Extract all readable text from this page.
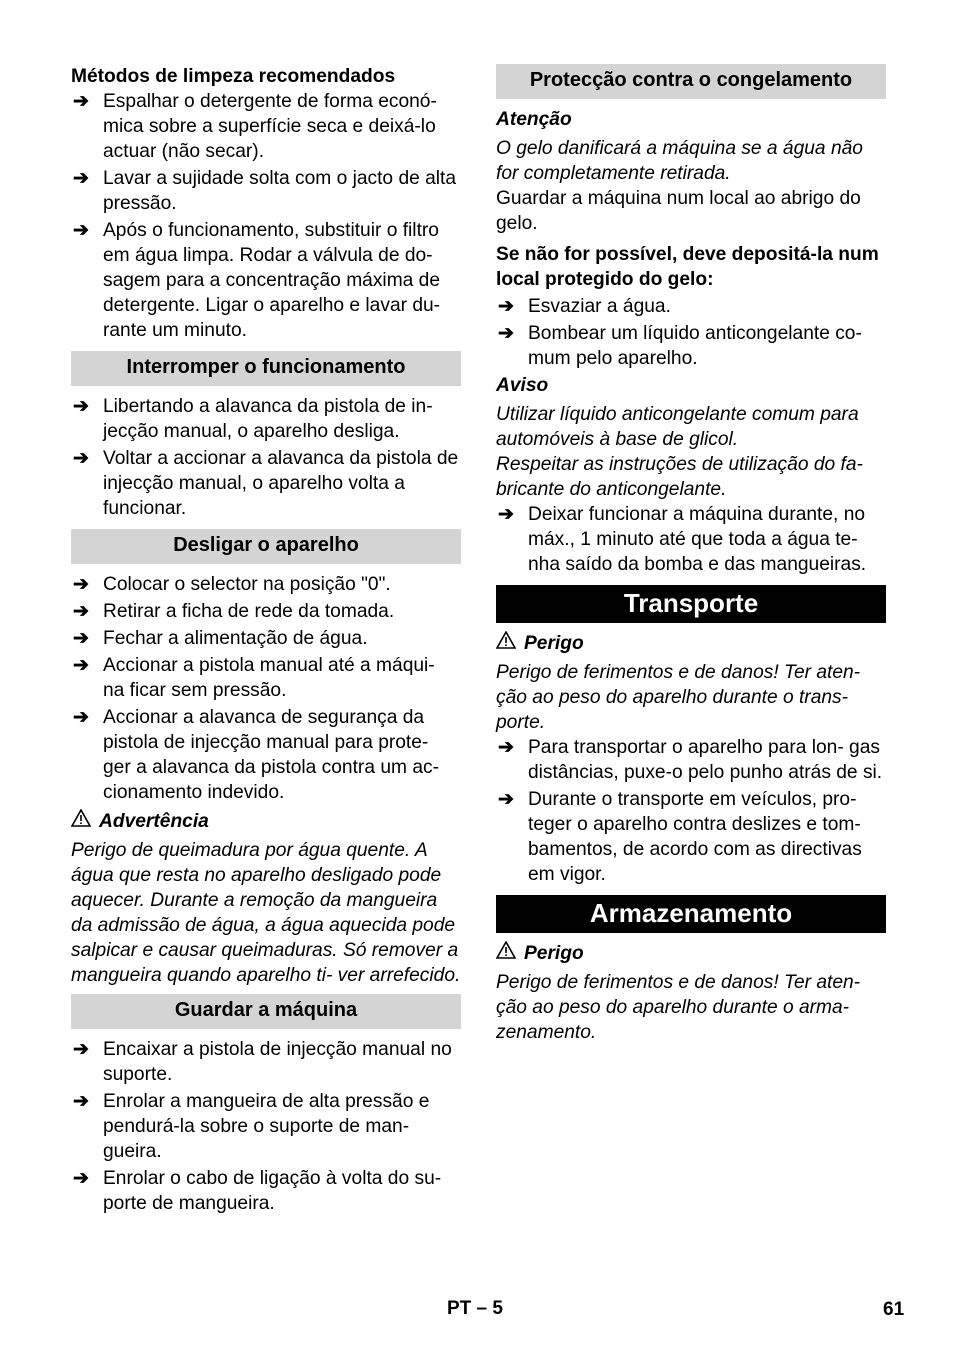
Métodos de limpeza recomendados

➔ Espalhar o detergente de forma econó- mica sobre a superfície seca e deixá-lo actuar (não secar).
➔ Lavar a sujidade solta com o jacto de alta pressão.
➔ Após o funcionamento, substituir o filtro em água limpa. Rodar a válvula de do- sagem para a concentração máxima de detergente. Ligar o aparelho e lavar du- rante um minuto.
Interromper o funcionamento
➔ Libertando a alavanca da pistola de in- jecção manual, o aparelho desliga.
➔ Voltar a accionar a alavanca da pistola de injecção manual, o aparelho volta a funcionar.
Desligar o aparelho
➔ Colocar o selector na posição "0".
➔ Retirar a ficha de rede da tomada.
➔ Fechar a alimentação de água.
➔ Accionar a pistola manual até a máqui- na ficar sem pressão.
➔ Accionar a alavanca de segurança da pistola de injecção manual para prote- ger a alavanca da pistola contra um ac- cionamento indevido.

Advertência

Perigo de queimadura por água quente. A água que resta no aparelho desligado pode aquecer. Durante a remoção da mangueira da admissão de água, a água aquecida pode salpicar e causar queimaduras. Só remover a mangueira quando aparelho ti- ver arrefecido.

Guardar a máquina
➔ Encaixar a pistola de injecção manual no suporte.
➔ Enrolar a mangueira de alta pressão e pendurá-la sobre o suporte de man- gueira.
➔ Enrolar o cabo de ligação à volta do su- porte de mangueira.
Protecção contra o congelamento

Atenção

O gelo danificará a máquina se a água não for completamente retirada.

Guardar a máquina num local ao abrigo do gelo.

Se não for possível, deve depositá-la num local protegido do gelo:

➔ Esvaziar a água.
➔ Bombear um líquido anticongelante co- mum pelo aparelho.

Aviso

Utilizar líquido anticongelante comum para automóveis à base de glicol.

Respeitar as instruções de utilização do fa- bricante do anticongelante.

➔ Deixar funcionar a máquina durante, no máx., 1 minuto até que toda a água te- nha saído da bomba e das mangueiras.
Transporte

Perigo

Perigo de ferimentos e de danos! Ter aten- ção ao peso do aparelho durante o trans- porte.

➔ Para transportar o aparelho para lon- gas distâncias, puxe-o pelo punho atrás de si.
➔ Durante o transporte em veículos, pro- teger o aparelho contra deslizes e tom- bamentos, de acordo com as directivas em vigor.
Armazenamento

Perigo

Perigo de ferimentos e de danos! Ter aten- ção ao peso do aparelho durante o arma- zenamento.

PT – 5	61
